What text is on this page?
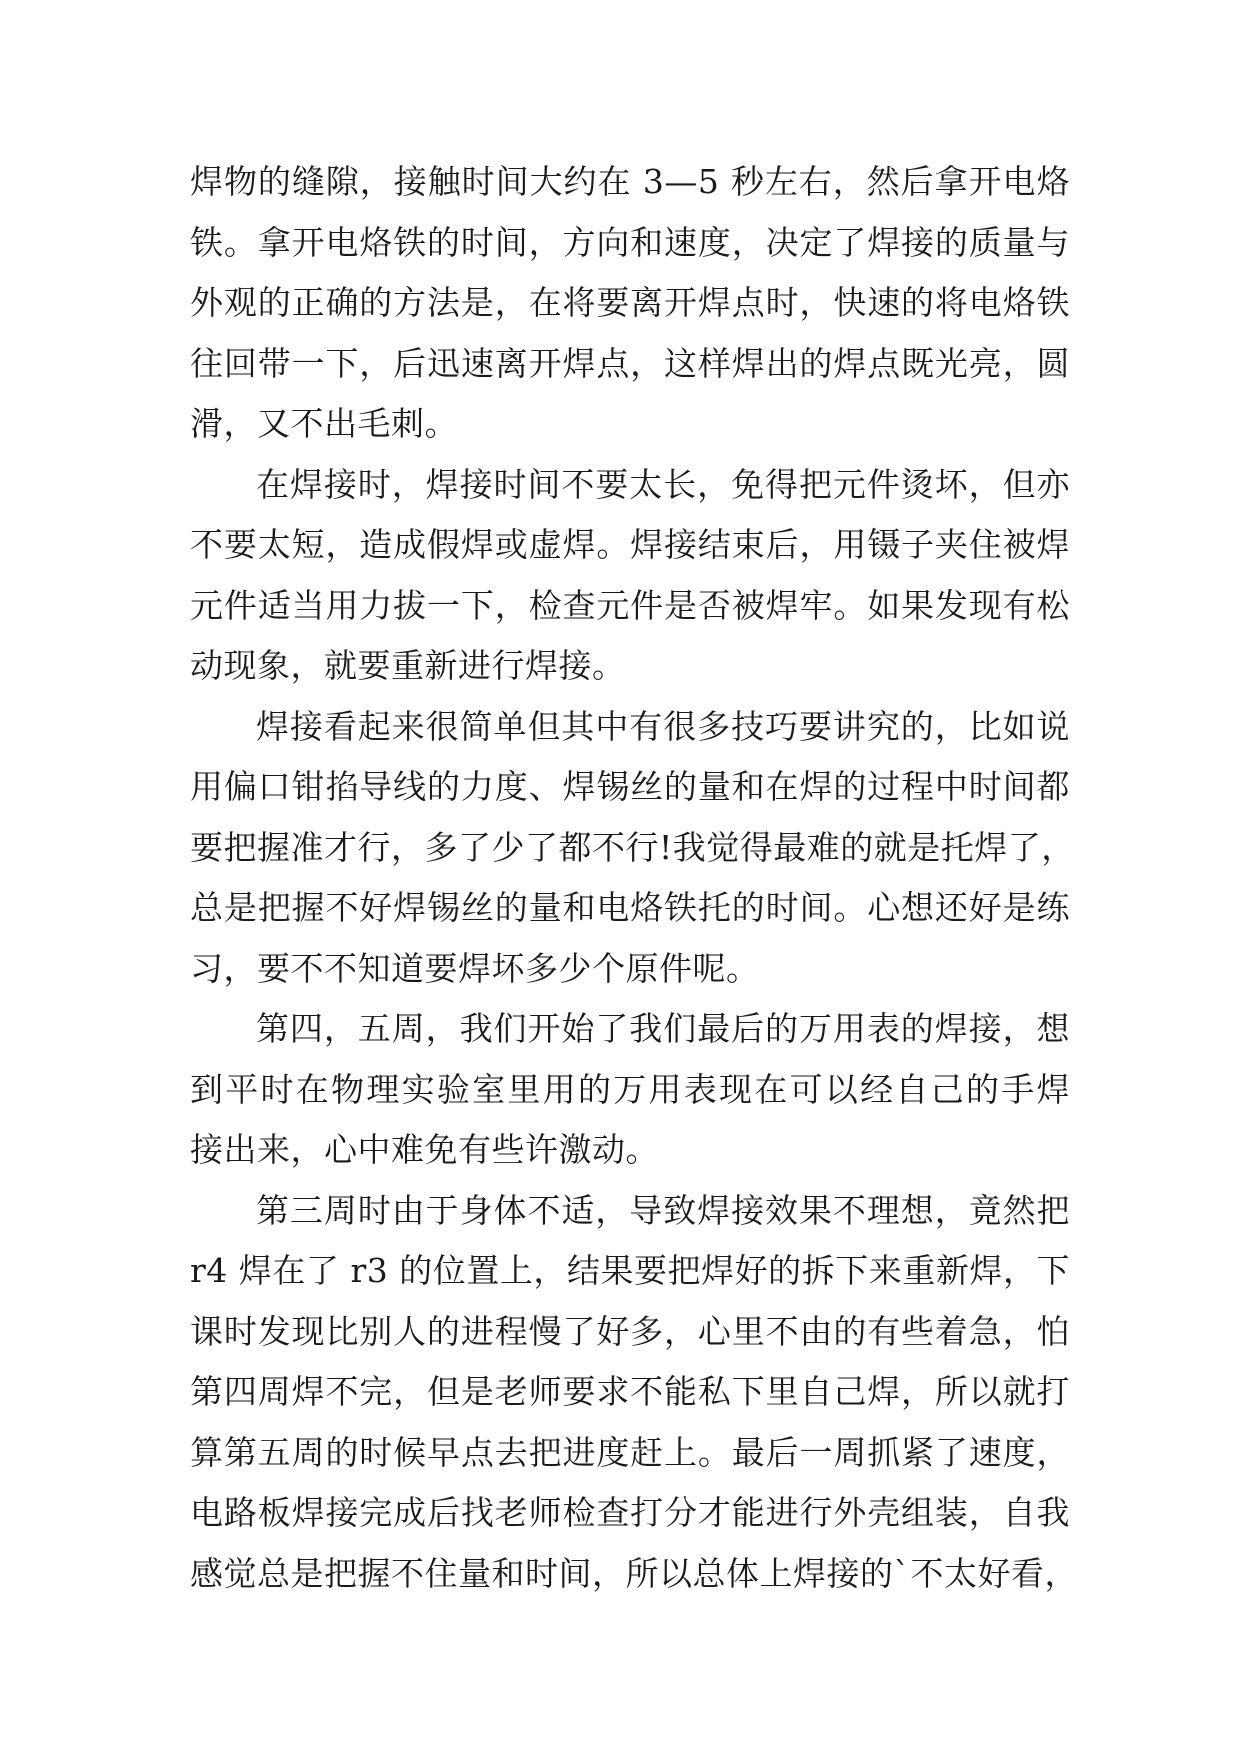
焊物的缝隙，接触时间大约在 3—5 秒左右，然后拿开电烙
铁。拿开电烙铁的时间，方向和速度，决定了焊接的质量与
外观的正确的方法是，在将要离开焊点时，快速的将电烙铁
往回带一下，后迅速离开焊点，这样焊出的焊点既光亮，圆
滑，又不出毛刺。
在焊接时，焊接时间不要太长，免得把元件烫坏，但亦
不要太短，造成假焊或虚焊。焊接结束后，用镊子夹住被焊
元件适当用力拔一下，检查元件是否被焊牢。如果发现有松
动现象，就要重新进行焊接。
焊接看起来很简单但其中有很多技巧要讲究的，比如说
用偏口钳掐导线的力度、焊锡丝的量和在焊的过程中时间都
要把握准才行，多了少了都不行!我觉得最难的就是托焊了，
总是把握不好焊锡丝的量和电烙铁托的时间。心想还好是练
习，要不不知道要焊坏多少个原件呢。
第四，五周，我们开始了我们最后的万用表的焊接，想
到平时在物理实验室里用的万用表现在可以经自己的手焊
接出来，心中难免有些许激动。
第三周时由于身体不适，导致焊接效果不理想，竟然把
r4 焊在了 r3 的位置上，结果要把焊好的拆下来重新焊，下
课时发现比别人的进程慢了好多，心里不由的有些着急，怕
第四周焊不完，但是老师要求不能私下里自己焊，所以就打
算第五周的时候早点去把进度赶上。最后一周抓紧了速度，
电路板焊接完成后找老师检查打分才能进行外壳组装，自我
感觉总是把握不住量和时间，所以总体上焊接的`不太好看，
